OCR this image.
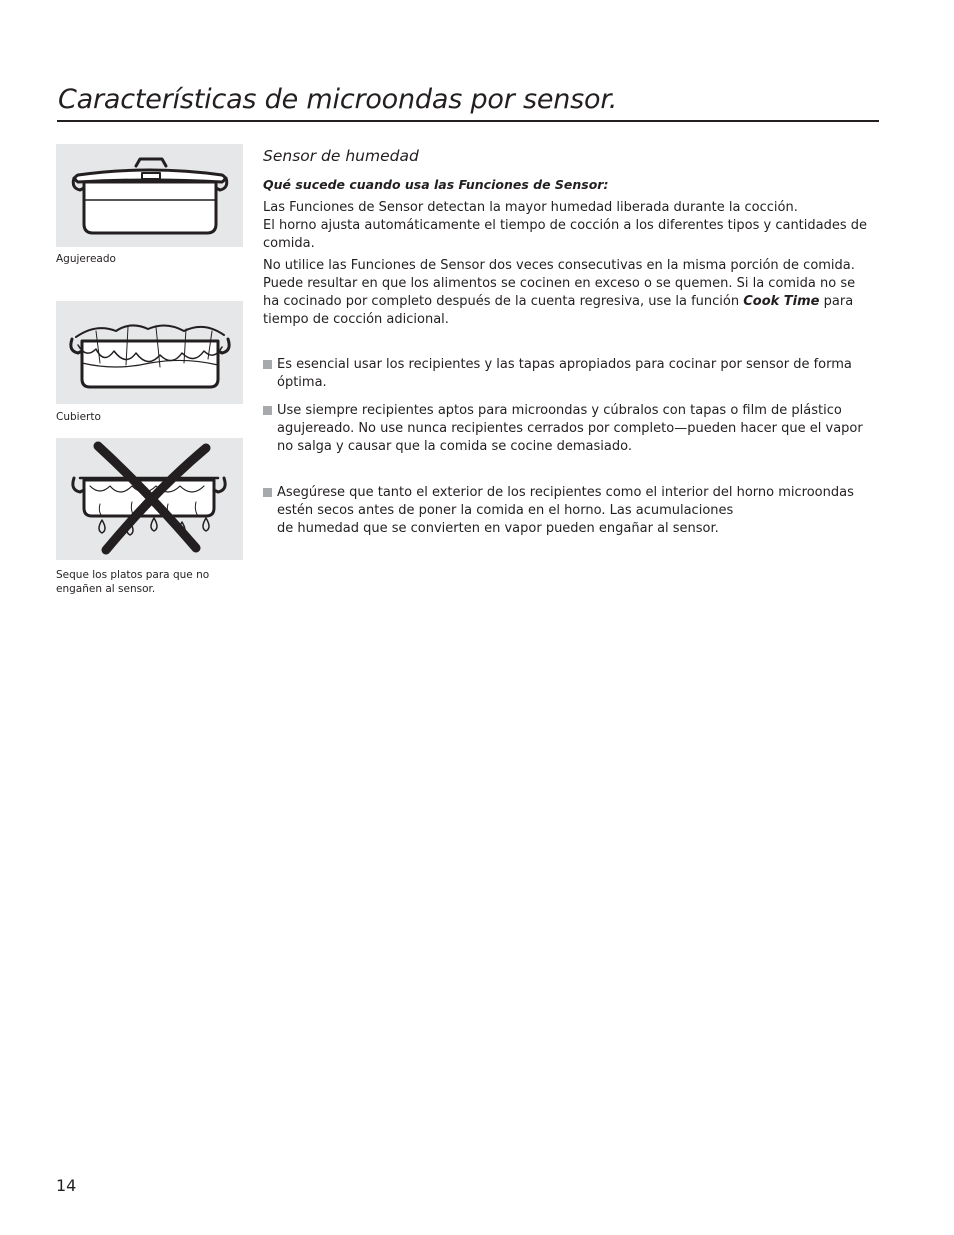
Características de microondas por sensor.
Agujereado
Cubierto
Seque los platos para que no engañen al sensor.
Sensor de humedad
Qué sucede cuando usa las Funciones de Sensor:

Las Funciones de Sensor detectan la mayor humedad liberada durante la cocción.
El horno ajusta automáticamente el tiempo de cocción a los diferentes tipos y cantidades de comida.

No utilice las Funciones de Sensor dos veces consecutivas en la misma porción de comida. Puede resultar en que los alimentos se cocinen en exceso o se quemen. Si la comida no se ha cocinado por completo después de la cuenta regresiva, use la función Cook Time para tiempo de cocción adicional.

Es esencial usar los recipientes y las tapas apropiados para cocinar por sensor de forma óptima.
Use siempre recipientes aptos para microondas y cúbralos con tapas o film de plástico agujereado. No use nunca recipientes cerrados por completo—pueden hacer que el vapor no salga y causar que la comida se cocine demasiado.
Asegúrese que tanto el exterior de los recipientes como el interior del horno microondas estén secos antes de poner la comida en el horno. Las acumulaciones
de humedad que se convierten en vapor pueden engañar al sensor.
14
